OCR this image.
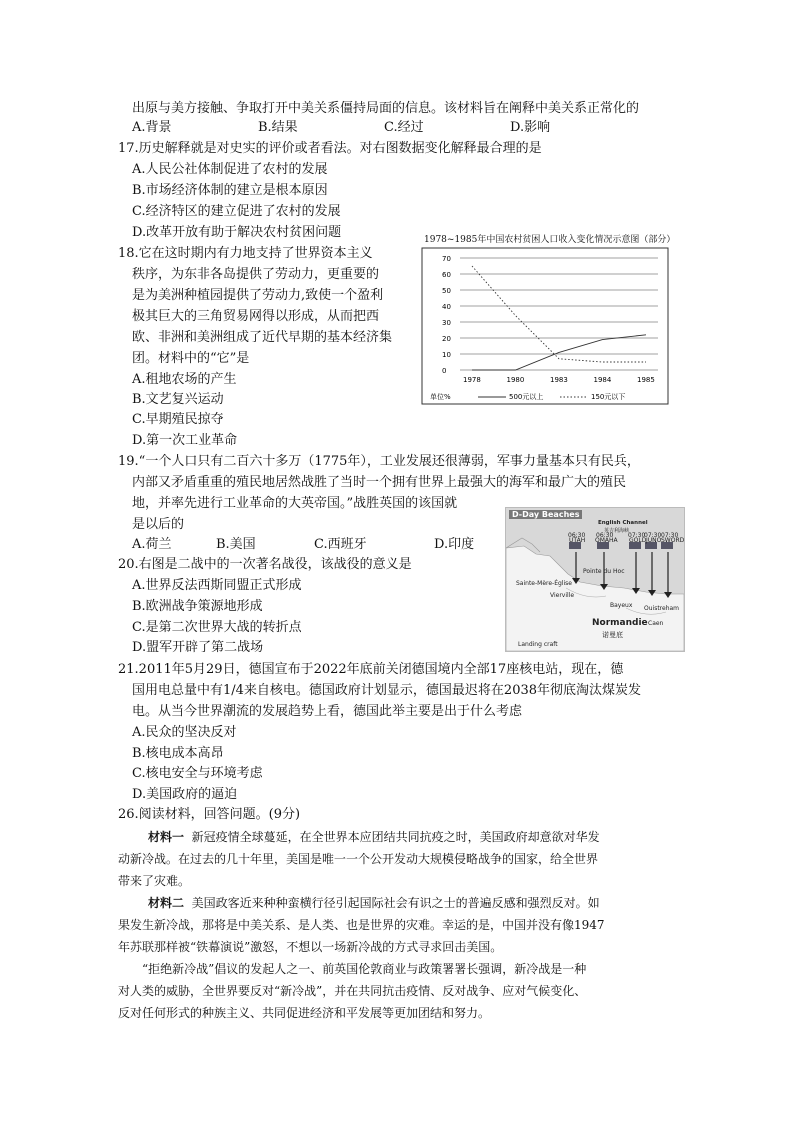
出原与美方接触、争取打开中美关系僵持局面的信息。该材料旨在阐释中美关系正常化的
A.背景	B.结果	C.经过	D.影响
17.历史解释就是对史实的评价或者看法。对右图数据变化解释最合理的是
A.人民公社体制促进了农村的发展
B.市场经济体制的建立是根本原因
C.经济特区的建立促进了农村的发展
D.改革开放有助于解决农村贫困问题	1978~1985年中国农村贫困人口收入变化情况示意图（部分）
0
10
20
30
40
50
60
70
1978	1980	1983	1984	1985
单位%	500元以上	150元以下
18.它在这时期内有力地支持了世界资本主义
秩序，为东非各岛提供了劳动力，更重要的
是为美洲种植园提供了劳动力,致使一个盈利
极其巨大的三角贸易网得以形成，从而把西
欧、非洲和美洲组成了近代早期的基本经济集
团。材料中的“它”是
A.租地农场的产生
B.文艺复兴运动
C.早期殖民掠夺
D.第一次工业革命
19.“一个人口只有二百六十多万（1775年），工业发展还很薄弱，军事力量基本只有民兵，
内部又矛盾重重的殖民地居然战胜了当时一个拥有世界上最强大的海军和最广大的殖民
地，并率先进行工业革命的大英帝国。”战胜英国的该国就
是以后的
A.荷兰	B.美国	C.西班牙	D.印度
D-Day Beaches
English Channel
英吉利海峡
06:30
UTAH
06:30
OMAHA
07:30
GOLD
07:30
JUNO
07:30
SWORD
Pointe du Hoc
Sainte-Mère-Église
Vierville
Bayeux Ouistreham
Caen
Normandie
诺曼底
Landing craft
20.右图是二战中的一次著名战役，该战役的意义是
A.世界反法西斯同盟正式形成
B.欧洲战争策源地形成
C.是第二次世界大战的转折点
D.盟军开辟了第二战场
21.2011年5月29日，德国宣布于2022年底前关闭德国境内全部17座核电站，现在，德
国用电总量中有1/4来自核电。德国政府计划显示，德国最迟将在2038年彻底淘汰煤炭发
电。从当今世界潮流的发展趋势上看，德国此举主要是出于什么考虑
A.民众的坚决反对
B.核电成本高昂
C.核电安全与环境考虑
D.美国政府的逼迫
26.阅读材料，回答问题。(9分)
材料一 新冠疫情全球蔓延，在全世界本应团结共同抗疫之时，美国政府却意欲对华发
动新冷战。在过去的几十年里，美国是唯一一个公开发动大规模侵略战争的国家，给全世界
带来了灾难。
材料二 美国政客近来种种蛮横行径引起国际社会有识之士的普遍反感和强烈反对。如
果发生新冷战，那将是中美关系、是人类、也是世界的灾难。幸运的是，中国并没有像1947
年苏联那样被“铁幕演说”激怒，不想以一场新冷战的方式寻求回击美国。
“拒绝新冷战”倡议的发起人之一、前英国伦敦商业与政策署署长强调，新冷战是一种
对人类的威胁，全世界要反对“新冷战”，并在共同抗击疫情、反对战争、应对气候变化、
反对任何形式的种族主义、共同促进经济和平发展等更加团结和努力。
